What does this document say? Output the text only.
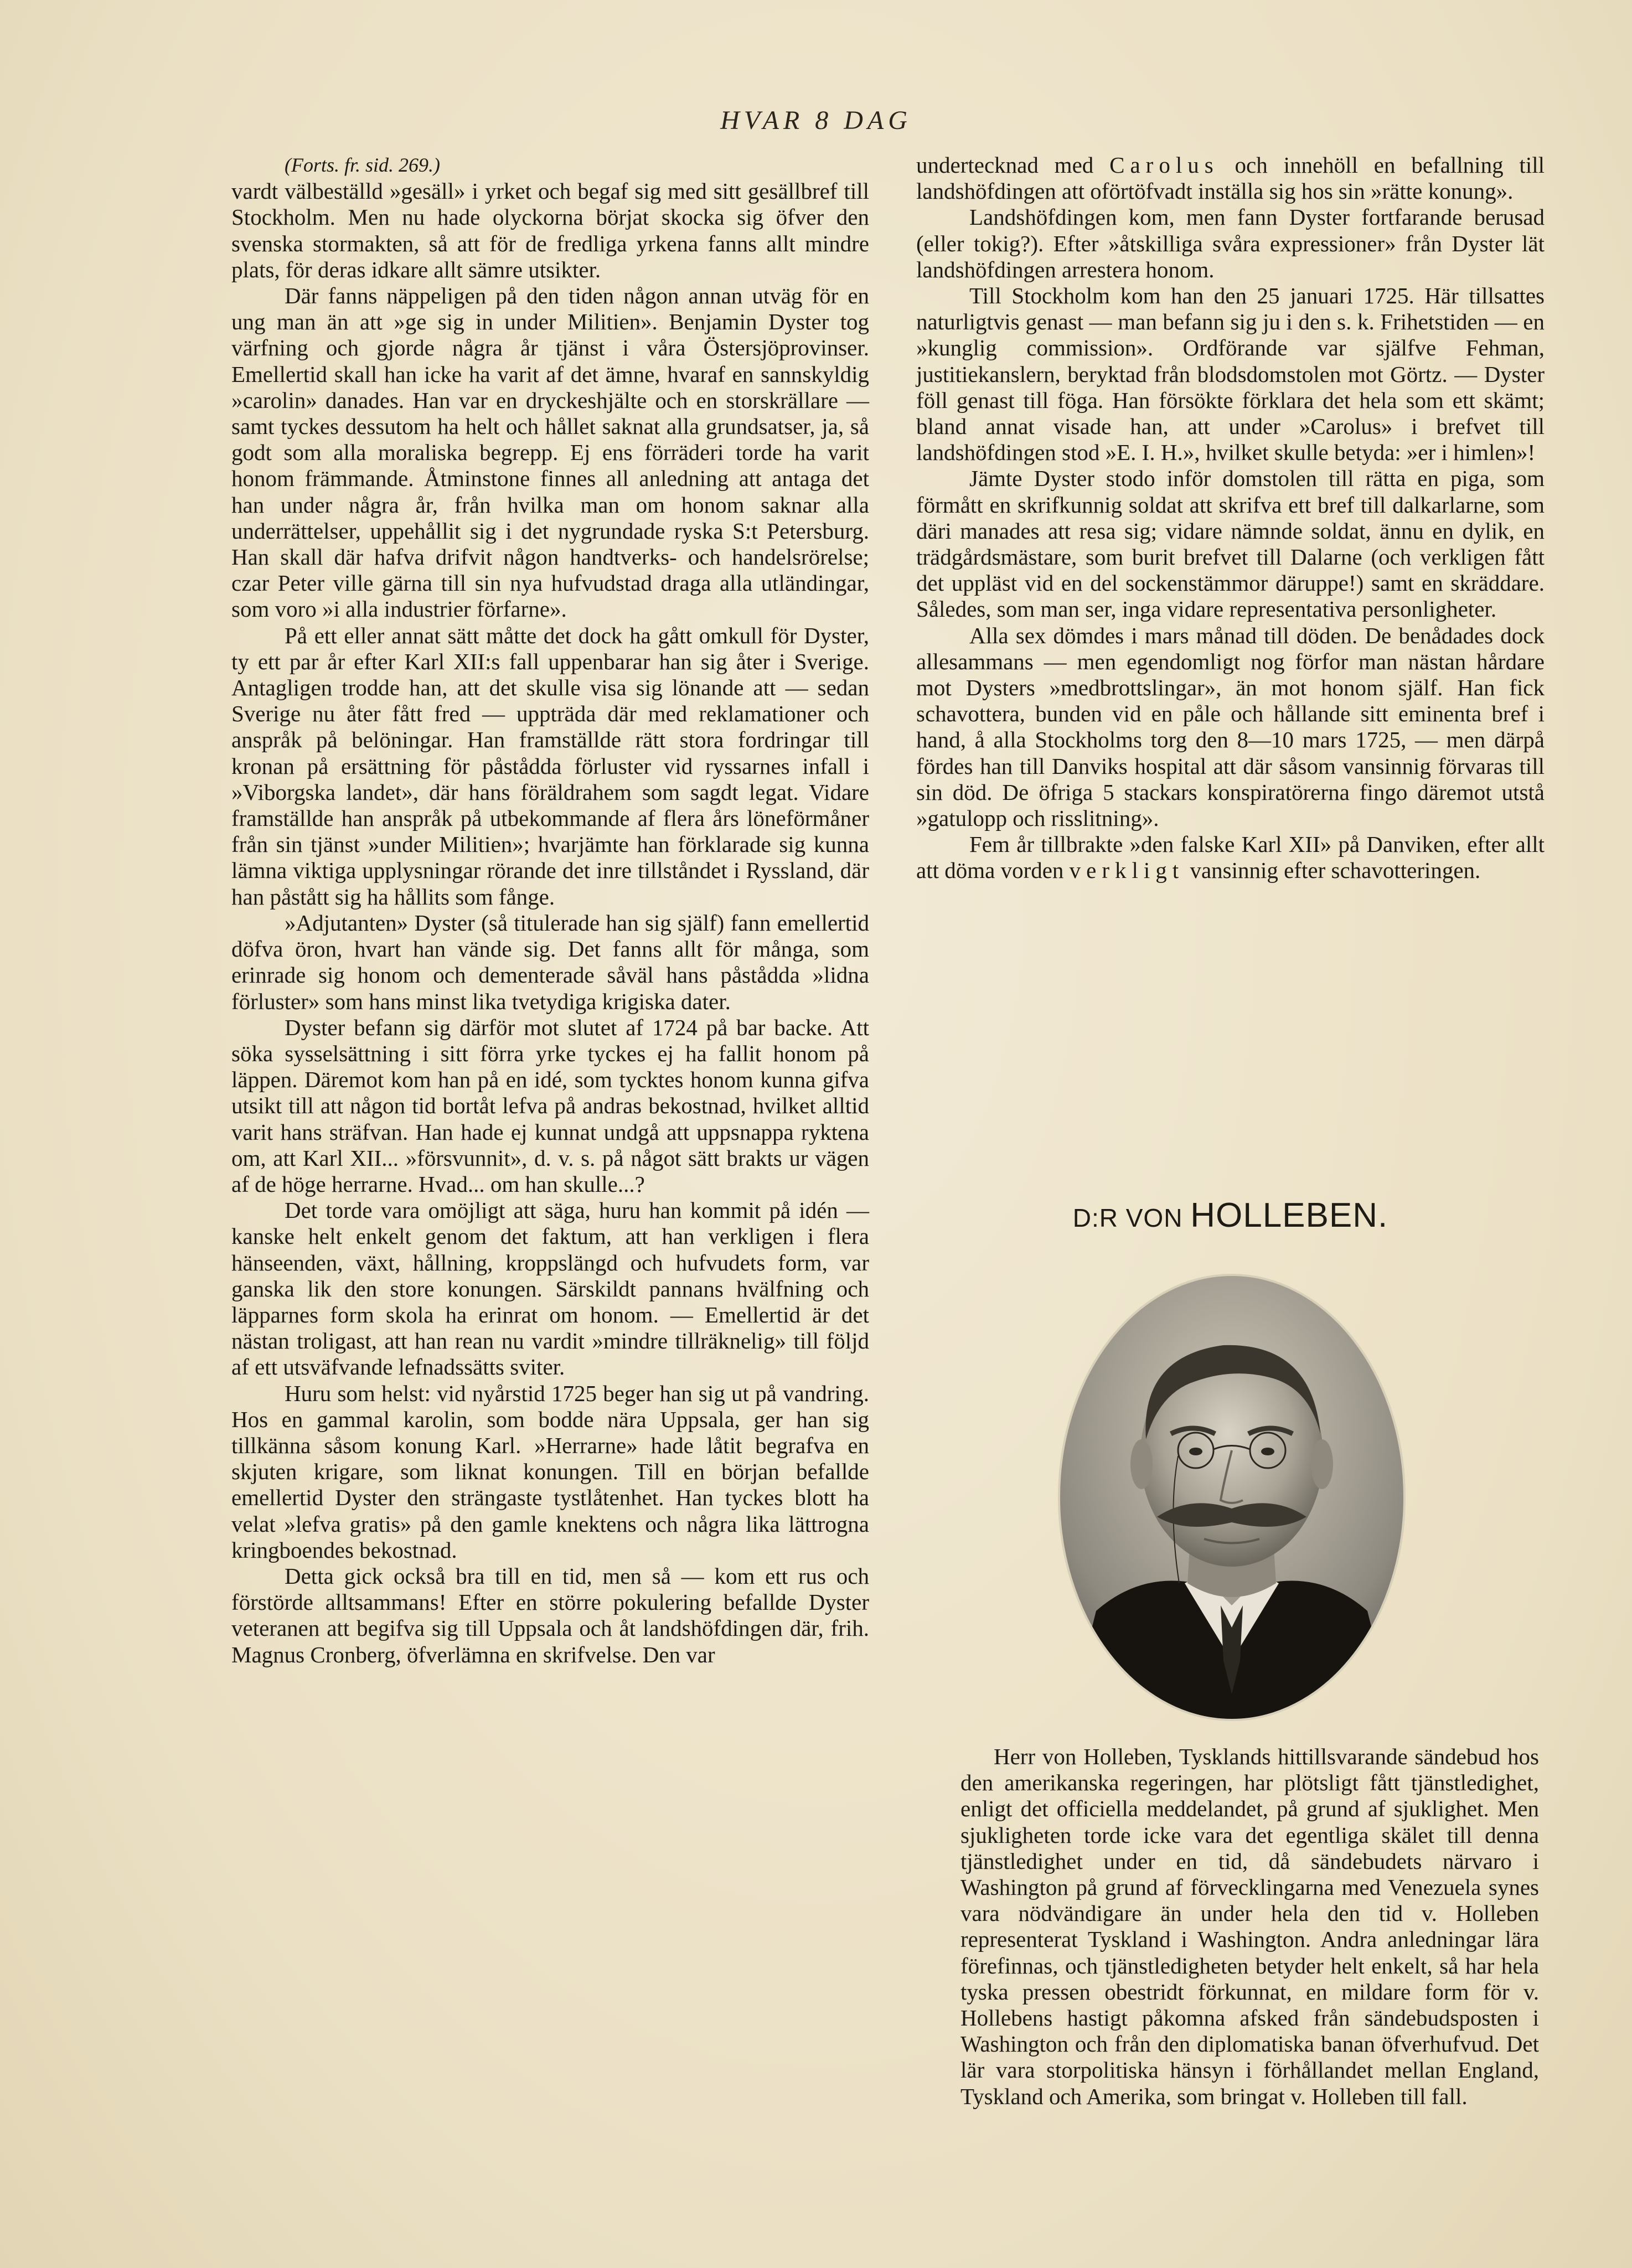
HVAR 8 DAG

(Forts. fr. sid. 269.)

vardt välbeställd »gesäll» i yrket och begaf sig med sitt gesällbref till Stockholm. Men nu hade olyckorna börjat skocka sig öfver den svenska stormakten, så att för de fredliga yrkena fanns allt mindre plats, för deras idkare allt sämre utsikter.

Där fanns näppeligen på den tiden någon annan utväg för en ung man än att »ge sig in under Militien». Benjamin Dyster tog värfning och gjorde några år tjänst i våra Östersjöprovinser. Emellertid skall han icke ha varit af det ämne, hvaraf en sannskyldig »carolin» danades. Han var en dryckeshjälte och en storskrällare — samt tyckes dessutom ha helt och hållet saknat alla grundsatser, ja, så godt som alla moraliska begrepp. Ej ens förräderi torde ha varit honom främmande. Åtminstone finnes all anledning att antaga det han under några år, från hvilka man om honom saknar alla underrättelser, uppehållit sig i det nygrundade ryska S:t Petersburg. Han skall där hafva drifvit någon handtverks- och handelsrörelse; czar Peter ville gärna till sin nya hufvudstad draga alla utländingar, som voro »i alla industrier förfarne».

På ett eller annat sätt måtte det dock ha gått omkull för Dyster, ty ett par år efter Karl XII:s fall uppenbarar han sig åter i Sverige. Antagligen trodde han, att det skulle visa sig lönande att — sedan Sverige nu åter fått fred — uppträda där med reklamationer och anspråk på belöningar. Han framställde rätt stora fordringar till kronan på ersättning för påstådda förluster vid ryssarnes infall i »Viborgska landet», där hans föräldrahem som sagdt legat. Vidare framställde han anspråk på utbekommande af flera års löneförmåner från sin tjänst »under Militien»; hvarjämte han förklarade sig kunna lämna viktiga upplysningar rörande det inre tillståndet i Ryssland, där han påstått sig ha hållits som fånge.

»Adjutanten» Dyster (så titulerade han sig själf) fann emellertid döfva öron, hvart han vände sig. Det fanns allt för många, som erinrade sig honom och dementerade såväl hans påstådda »lidna förluster» som hans minst lika tvetydiga krigiska dater.

Dyster befann sig därför mot slutet af 1724 på bar backe. Att söka sysselsättning i sitt förra yrke tyckes ej ha fallit honom på läppen. Däremot kom han på en idé, som tycktes honom kunna gifva utsikt till att någon tid bortåt lefva på andras bekostnad, hvilket alltid varit hans sträfvan. Han hade ej kunnat undgå att uppsnappa ryktena om, att Karl XII... »försvunnit», d. v. s. på något sätt brakts ur vägen af de höge herrarne. Hvad... om han skulle...?

Det torde vara omöjligt att säga, huru han kommit på idén — kanske helt enkelt genom det faktum, att han verkligen i flera hänseenden, växt, hållning, kroppslängd och hufvudets form, var ganska lik den store konungen. Särskildt pannans hvälfning och läpparnes form skola ha erinrat om honom. — Emellertid är det nästan troligast, att han rean nu vardit »mindre tillräknelig» till följd af ett utsväfvande lefnadssätts sviter.

Huru som helst: vid nyårstid 1725 beger han sig ut på vandring. Hos en gammal karolin, som bodde nära Uppsala, ger han sig tillkänna såsom konung Karl. »Herrarne» hade låtit begrafva en skjuten krigare, som liknat konungen. Till en början befallde emellertid Dyster den strängaste tystlåtenhet. Han tyckes blott ha velat »lefva gratis» på den gamle knektens och några lika lättrogna kringboendes bekostnad.

Detta gick också bra till en tid, men så — kom ett rus och förstörde alltsammans! Efter en större pokulering befallde Dyster veteranen att begifva sig till Uppsala och åt landshöfdingen där, frih. Magnus Cronberg, öfverlämna en skrifvelse. Den var

undertecknad med Carolus och innehöll en befallning till landshöfdingen att oförtöfvadt inställa sig hos sin »rätte konung».

Landshöfdingen kom, men fann Dyster fortfarande berusad (eller tokig?). Efter »åtskilliga svåra expressioner» från Dyster lät landshöfdingen arrestera honom.

Till Stockholm kom han den 25 januari 1725. Här tillsattes naturligtvis genast — man befann sig ju i den s. k. Frihetstiden — en »kunglig commission». Ordförande var själfve Fehman, justitiekanslern, beryktad från blodsdomstolen mot Görtz. — Dyster föll genast till föga. Han försökte förklara det hela som ett skämt; bland annat visade han, att under »Carolus» i brefvet till landshöfdingen stod »E. I. H.», hvilket skulle betyda: »er i himlen»!

Jämte Dyster stodo inför domstolen till rätta en piga, som förmått en skrifkunnig soldat att skrifva ett bref till dalkarlarne, som däri manades att resa sig; vidare nämnde soldat, ännu en dylik, en trädgårdsmästare, som burit brefvet till Dalarne (och verkligen fått det uppläst vid en del sockenstämmor däruppe!) samt en skräddare. Således, som man ser, inga vidare representativa personligheter.

Alla sex dömdes i mars månad till döden. De benådades dock allesammans — men egendomligt nog förfor man nästan hårdare mot Dysters »medbrottslingar», än mot honom själf. Han fick schavottera, bunden vid en påle och hållande sitt eminenta bref i hand, å alla Stockholms torg den 8—10 mars 1725, — men därpå fördes han till Danviks hospital att där såsom vansinnig förvaras till sin död. De öfriga 5 stackars konspiratörerna fingo däremot utstå »gatulopp och risslitning».

Fem år tillbrakte »den falske Karl XII» på Danviken, efter allt att döma vorden verkligt vansinnig efter schavotteringen.

D:R VON HOLLEBEN.

Herr von Holleben, Tysklands hittillsvarande sändebud hos den amerikanska regeringen, har plötsligt fått tjänstledighet, enligt det officiella meddelandet, på grund af sjuklighet. Men sjukligheten torde icke vara det egentliga skälet till denna tjänstledighet under en tid, då sändebudets närvaro i Washington på grund af förvecklingarna med Venezuela synes vara nödvändigare än under hela den tid v. Holleben representerat Tyskland i Washington. Andra anledningar lära förefinnas, och tjänstledigheten betyder helt enkelt, så har hela tyska pressen obestridt förkunnat, en mildare form för v. Hollebens hastigt påkomna afsked från sändebudsposten i Washington och från den diplomatiska banan öfverhufvud. Det lär vara storpolitiska hänsyn i förhållandet mellan England, Tyskland och Amerika, som bringat v. Holleben till fall.
